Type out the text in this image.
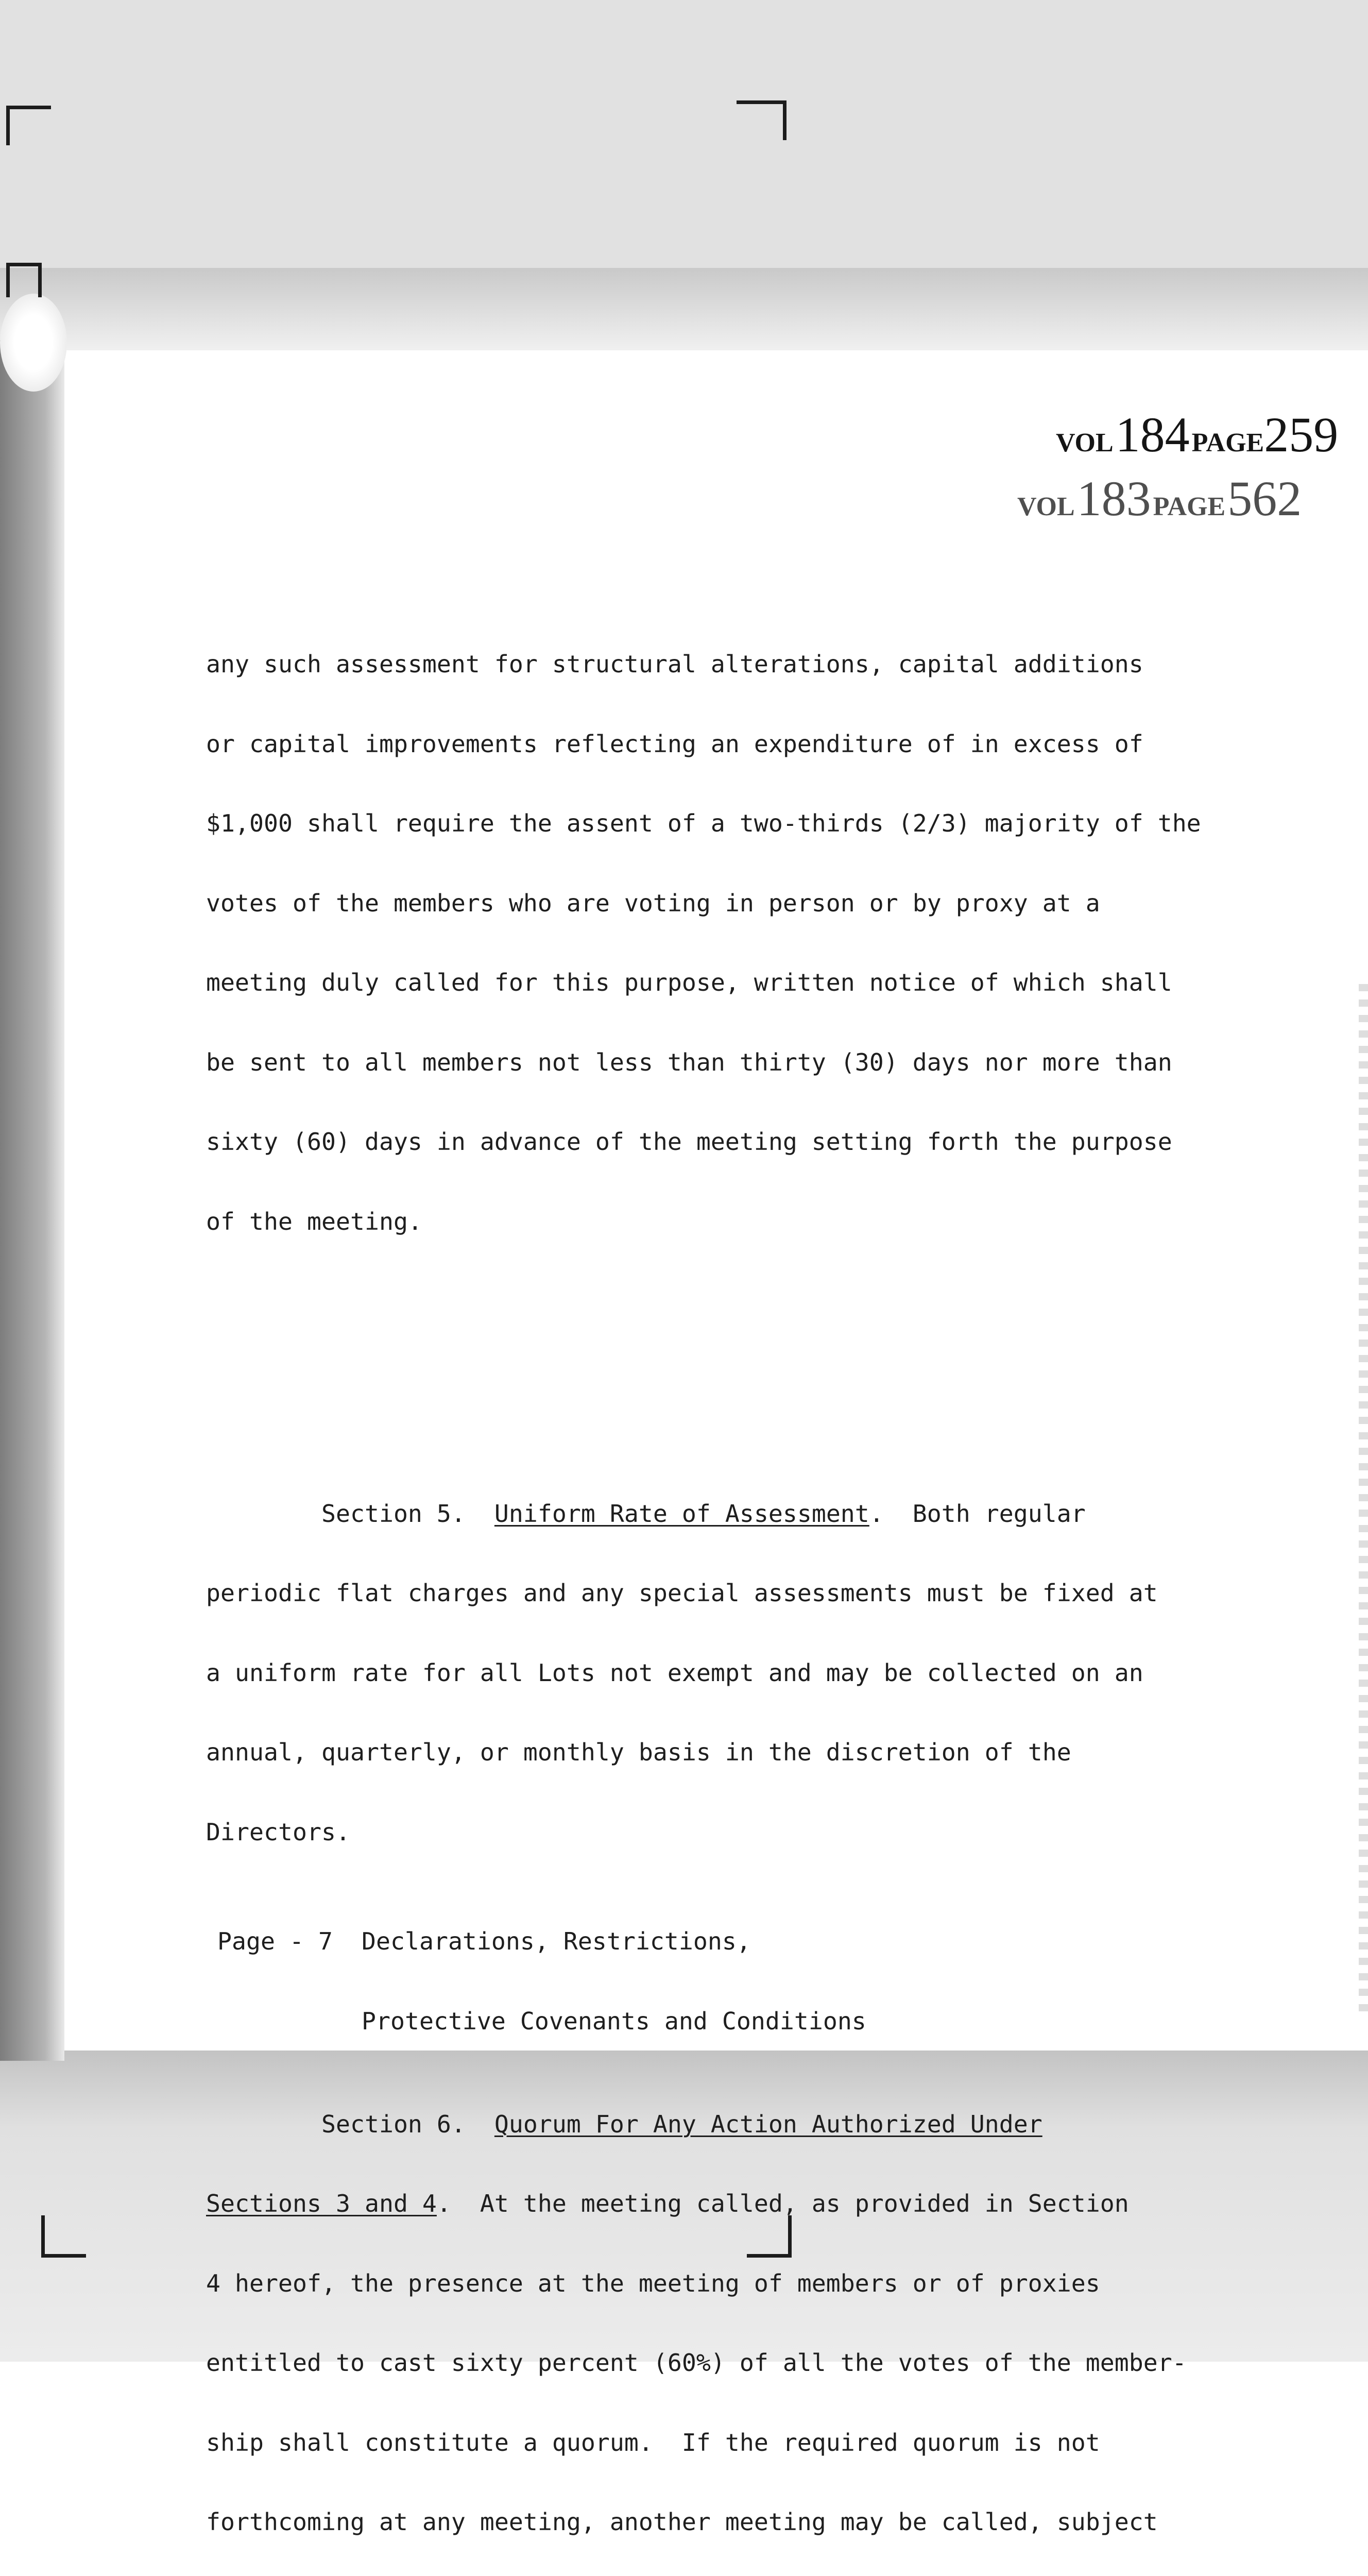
VOL 184 PAGE259
VOL 183 PAGE 562

any such assessment for structural alterations, capital additions

or capital improvements reflecting an expenditure of in excess of

$1,000 shall require the assent of a two-thirds (2/3) majority of the

votes of the members who are voting in person or by proxy at a

meeting duly called for this purpose, written notice of which shall

be sent to all members not less than thirty (30) days nor more than

sixty (60) days in advance of the meeting setting forth the purpose

of the meeting.

Section 5.  Uniform Rate of Assessment.  Both regular

periodic flat charges and any special assessments must be fixed at

a uniform rate for all Lots not exempt and may be collected on an

annual, quarterly, or monthly basis in the discretion of the

Directors.

Section 6.  Quorum For Any Action Authorized Under

Sections 3 and 4.  At the meeting called, as provided in Section

4 hereof, the presence at the meeting of members or of proxies

entitled to cast sixty percent (60%) of all the votes of the member-

ship shall constitute a quorum.  If the required quorum is not

forthcoming at any meeting, another meeting may be called, subject

Page - 7 Declarations, Restrictions,

Protective Covenants and Conditions
